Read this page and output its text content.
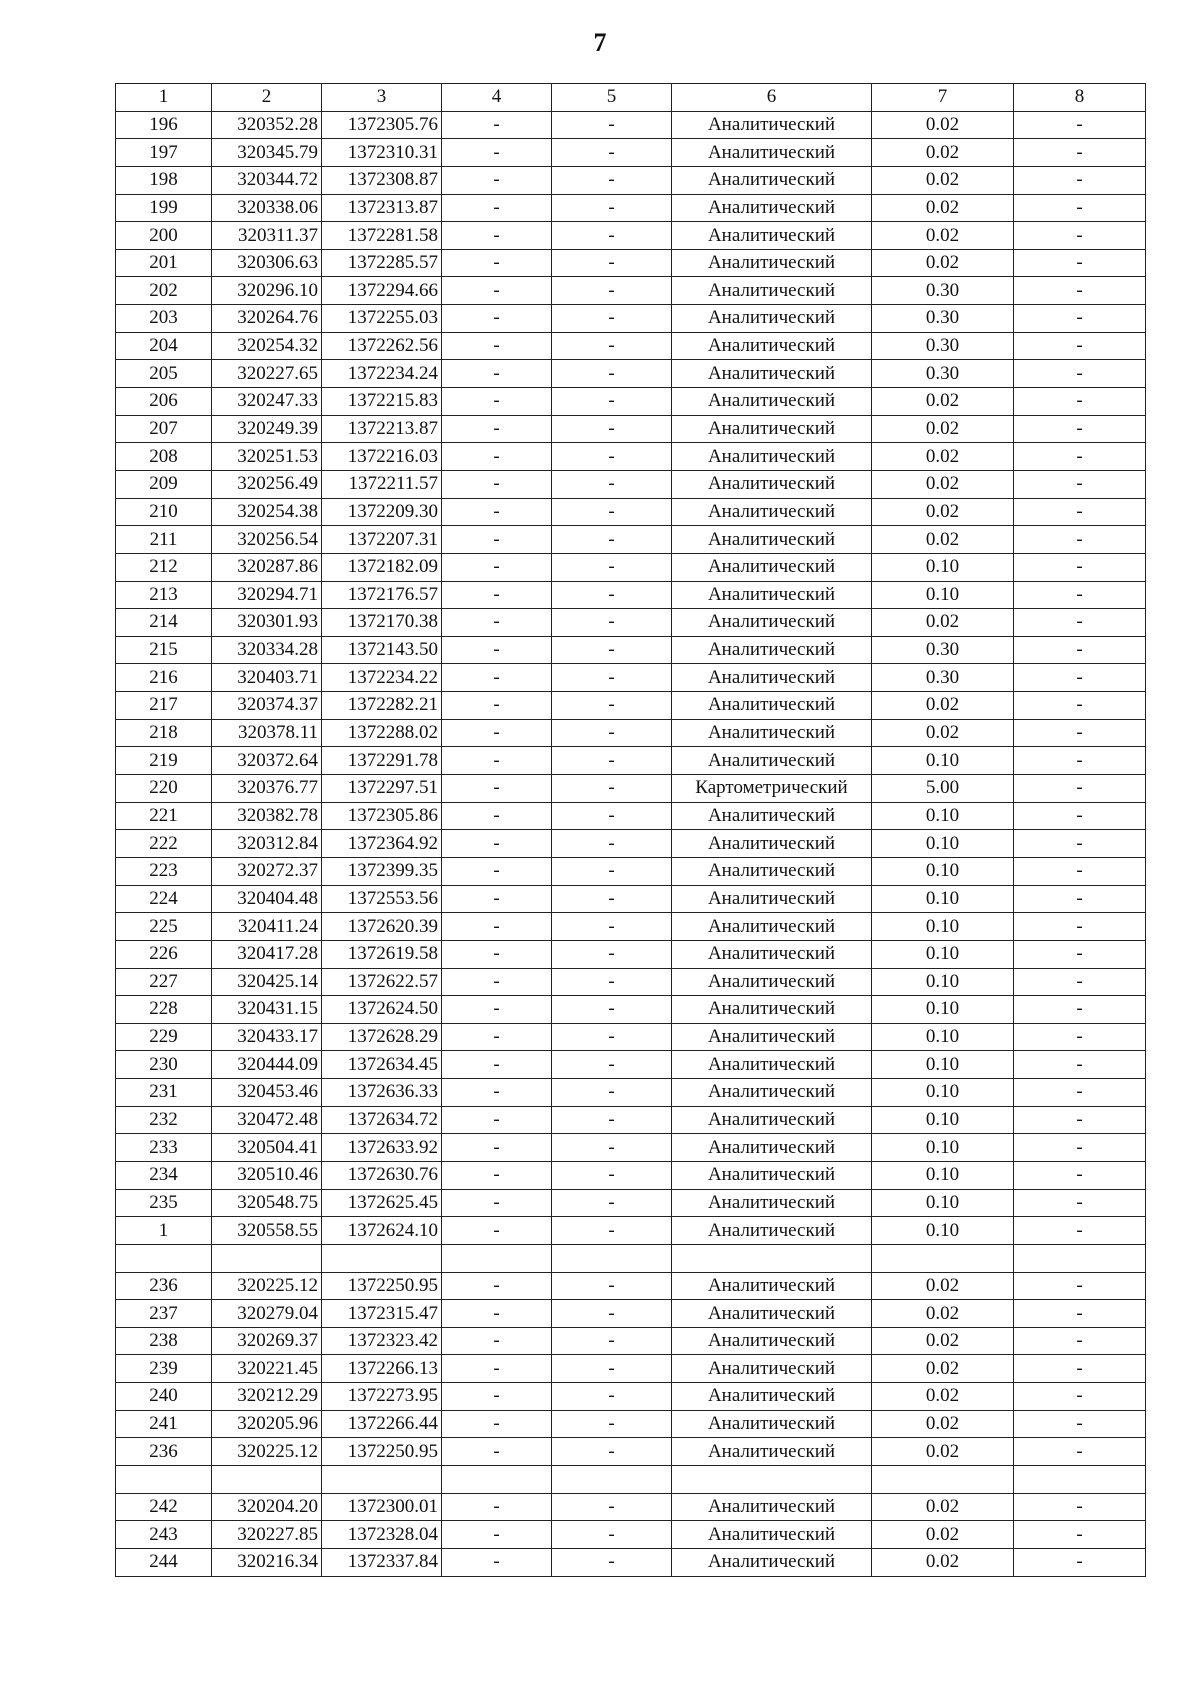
7
1	2	3	4	5	6	7	8
196	320352.28	1372305.76	-	-	Аналитический	0.02	-
197	320345.79	1372310.31	-	-	Аналитический	0.02	-
198	320344.72	1372308.87	-	-	Аналитический	0.02	-
199	320338.06	1372313.87	-	-	Аналитический	0.02	-
200	320311.37	1372281.58	-	-	Аналитический	0.02	-
201	320306.63	1372285.57	-	-	Аналитический	0.02	-
202	320296.10	1372294.66	-	-	Аналитический	0.30	-
203	320264.76	1372255.03	-	-	Аналитический	0.30	-
204	320254.32	1372262.56	-	-	Аналитический	0.30	-
205	320227.65	1372234.24	-	-	Аналитический	0.30	-
206	320247.33	1372215.83	-	-	Аналитический	0.02	-
207	320249.39	1372213.87	-	-	Аналитический	0.02	-
208	320251.53	1372216.03	-	-	Аналитический	0.02	-
209	320256.49	1372211.57	-	-	Аналитический	0.02	-
210	320254.38	1372209.30	-	-	Аналитический	0.02	-
211	320256.54	1372207.31	-	-	Аналитический	0.02	-
212	320287.86	1372182.09	-	-	Аналитический	0.10	-
213	320294.71	1372176.57	-	-	Аналитический	0.10	-
214	320301.93	1372170.38	-	-	Аналитический	0.02	-
215	320334.28	1372143.50	-	-	Аналитический	0.30	-
216	320403.71	1372234.22	-	-	Аналитический	0.30	-
217	320374.37	1372282.21	-	-	Аналитический	0.02	-
218	320378.11	1372288.02	-	-	Аналитический	0.02	-
219	320372.64	1372291.78	-	-	Аналитический	0.10	-
220	320376.77	1372297.51	-	-	Картометрический	5.00	-
221	320382.78	1372305.86	-	-	Аналитический	0.10	-
222	320312.84	1372364.92	-	-	Аналитический	0.10	-
223	320272.37	1372399.35	-	-	Аналитический	0.10	-
224	320404.48	1372553.56	-	-	Аналитический	0.10	-
225	320411.24	1372620.39	-	-	Аналитический	0.10	-
226	320417.28	1372619.58	-	-	Аналитический	0.10	-
227	320425.14	1372622.57	-	-	Аналитический	0.10	-
228	320431.15	1372624.50	-	-	Аналитический	0.10	-
229	320433.17	1372628.29	-	-	Аналитический	0.10	-
230	320444.09	1372634.45	-	-	Аналитический	0.10	-
231	320453.46	1372636.33	-	-	Аналитический	0.10	-
232	320472.48	1372634.72	-	-	Аналитический	0.10	-
233	320504.41	1372633.92	-	-	Аналитический	0.10	-
234	320510.46	1372630.76	-	-	Аналитический	0.10	-
235	320548.75	1372625.45	-	-	Аналитический	0.10	-
1	320558.55	1372624.10	-	-	Аналитический	0.10	-

236	320225.12	1372250.95	-	-	Аналитический	0.02	-
237	320279.04	1372315.47	-	-	Аналитический	0.02	-
238	320269.37	1372323.42	-	-	Аналитический	0.02	-
239	320221.45	1372266.13	-	-	Аналитический	0.02	-
240	320212.29	1372273.95	-	-	Аналитический	0.02	-
241	320205.96	1372266.44	-	-	Аналитический	0.02	-
236	320225.12	1372250.95	-	-	Аналитический	0.02	-

242	320204.20	1372300.01	-	-	Аналитический	0.02	-
243	320227.85	1372328.04	-	-	Аналитический	0.02	-
244	320216.34	1372337.84	-	-	Аналитический	0.02	-
